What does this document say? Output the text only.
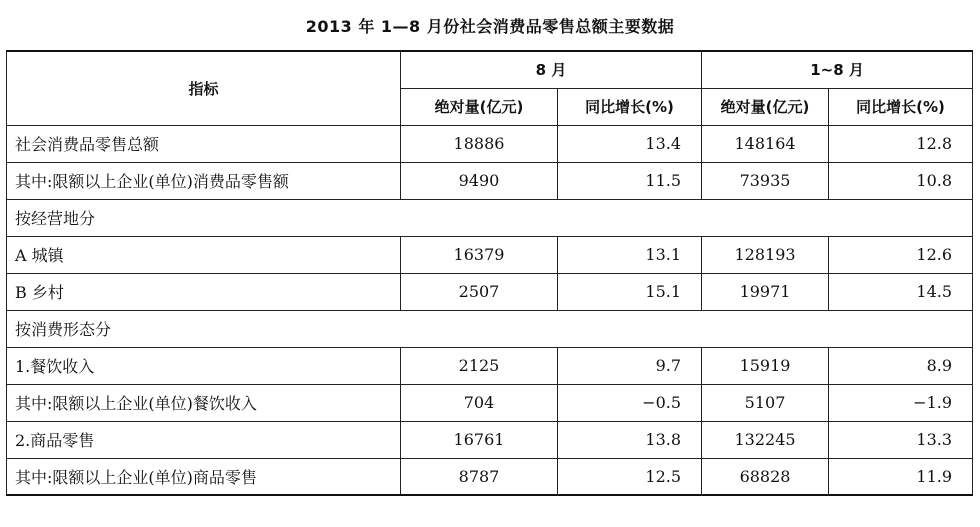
2013 年 1—8 月份社会消费品零售总额主要数据
指标	8 月		1~8 月	
	绝对量(亿元)	同比增长(%)	绝对量(亿元)	同比增长(%)
社会消费品零售总额	18886	13.4	148164	12.8
其中:限额以上企业(单位)消费品零售额	9490	11.5	73935	10.8
按经营地分				
A 城镇	16379	13.1	128193	12.6
B 乡村	2507	15.1	19971	14.5
按消费形态分				
1.餐饮收入	2125	9.7	15919	8.9
其中:限额以上企业(单位)餐饮收入	704	−0.5	5107	−1.9
2.商品零售	16761	13.8	132245	13.3
其中:限额以上企业(单位)商品零售	8787	12.5	68828	11.9
